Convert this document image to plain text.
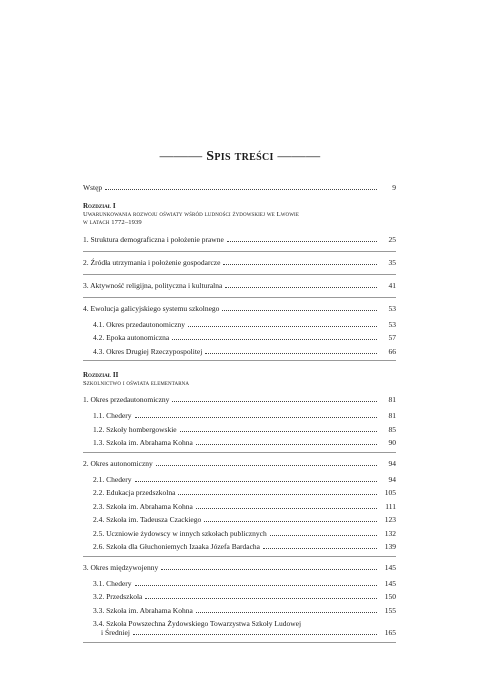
——— Spis treści ———
Wstęp	9
Rozdział I
Uwarunkowania rozwoju oświaty wśród ludności żydowskiej we Lwowie
w latach 1772–1939
1. Struktura demograficzna i położenie prawne	25
2. Źródła utrzymania i położenie gospodarcze	35
3. Aktywność religijna, polityczna i kulturalna	41
4. Ewolucja galicyjskiego systemu szkolnego	53
4.1. Okres przedautonomiczny	53
4.2. Epoka autonomiczna	57
4.3. Okres Drugiej Rzeczypospolitej	66
Rozdział II
Szkolnictwo i oświata elementarna
1. Okres przedautonomiczny	81
1.1. Chedery	81
1.2. Szkoły hombergowskie	85
1.3. Szkoła im. Abrahama Kohna	90
2. Okres autonomiczny	94
2.1. Chedery	94
2.2. Edukacja przedszkolna	105
2.3. Szkoła im. Abrahama Kohna	111
2.4. Szkoła im. Tadeusza Czackiego	123
2.5. Uczniowie żydowscy w innych szkołach publicznych	132
2.6. Szkoła dla Głuchoniemych Izaaka Józefa Bardacha	139
3. Okres międzywojenny	145
3.1. Chedery	145
3.2. Przedszkola	150
3.3. Szkoła im. Abrahama Kohna	155
3.4. Szkoła Powszechna Żydowskiego Towarzystwa Szkoły Ludowej
i Średniej	165
